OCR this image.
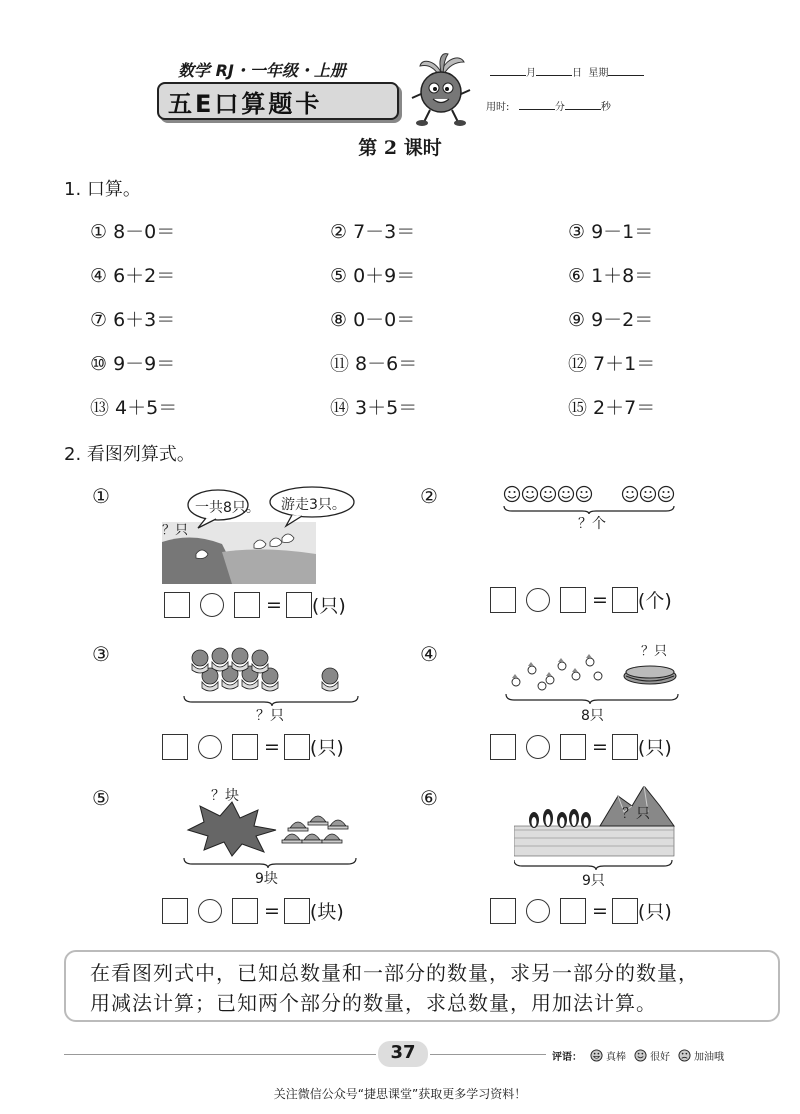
数学 RJ・一年级・上册
五E口算题卡
月	日 星期
用时:	分	秒
第 2 课时
1. 口算。
① 8－0＝	② 7－3＝	③ 9－1＝
④ 6＋2＝	⑤ 0＋9＝	⑥ 1＋8＝
⑦ 6＋3＝	⑧ 0－0＝	⑨ 9－2＝
⑩ 9－9＝	⑪ 8－6＝	⑫ 7＋1＝
⑬ 4＋5＝	⑭ 3＋5＝	⑮ 2＋7＝
2. 看图列算式。
①	一共8只。 游走3只。
？只
= (只)
②
？个
= (个)
③
？只
= (只)
④	？只
8只
= (只)
⑤	？块
9块
= (块)
⑥
？只
9只
= (只)
在看图列式中，已知总数量和一部分的数量，求另一部分的数量，
用减法计算；已知两个部分的数量，求总数量，用加法计算。
37	评语： 真棒 很好 加油哦
关注微信公众号“捷思课堂”获取更多学习资料！
